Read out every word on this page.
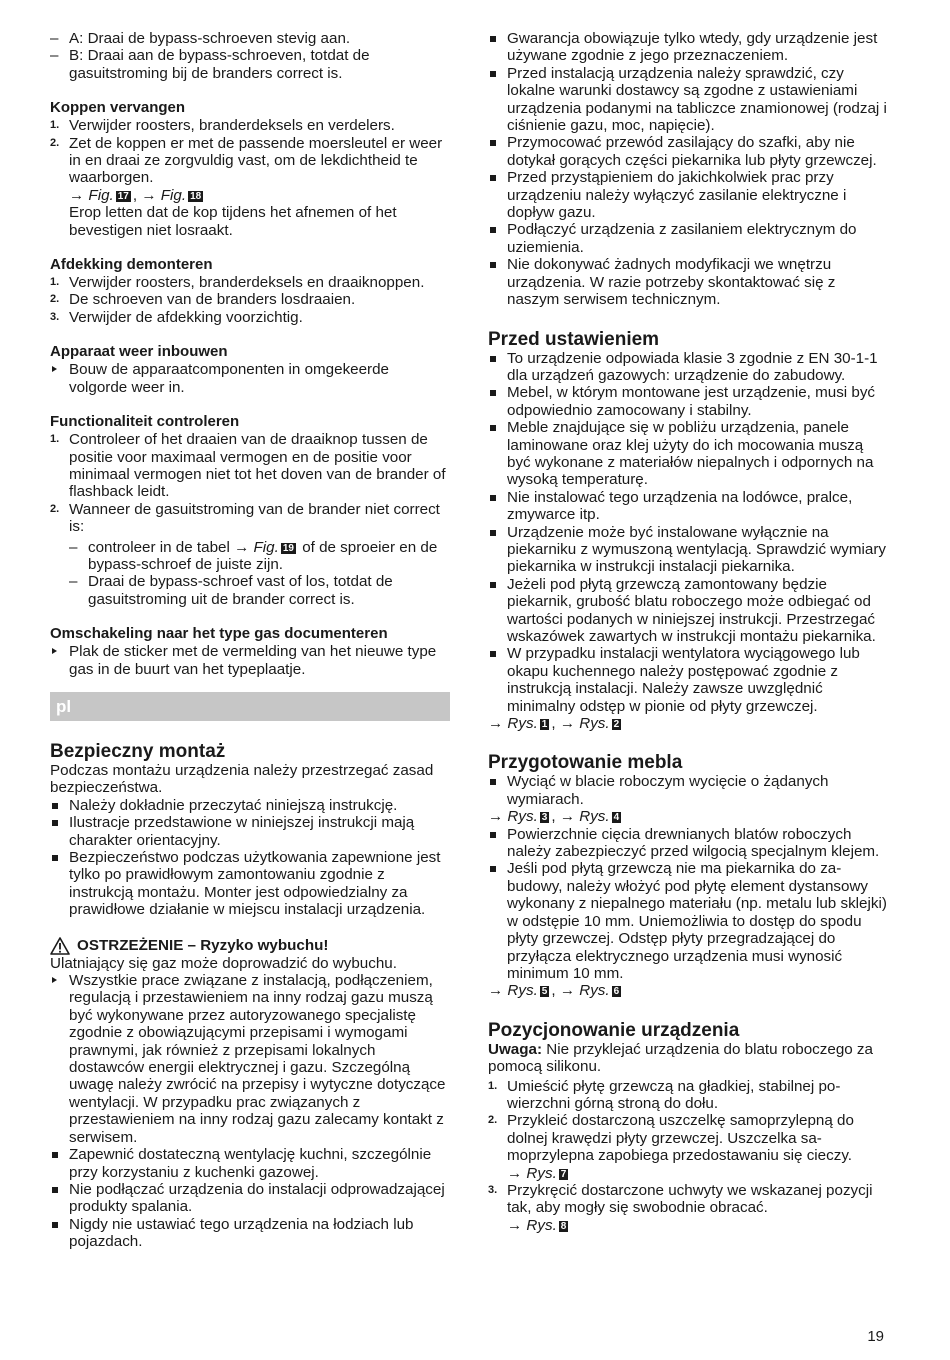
– A: Draai de bypass-schroeven stevig aan.
– B: Draai aan de bypass-schroeven, totdat de gasuitstroming bij de branders correct is.
Koppen vervangen
1. Verwijder roosters, branderdeksels en verdelers.
2. Zet de koppen er met de passende moersleutel er weer in en draai ze zorgvuldig vast, om de lekdichtheid te waarborgen.
→ Fig. 17 , → Fig. 18
Erop letten dat de kop tijdens het afnemen of het bevestigen niet losraakt.
Afdekking demonteren
1. Verwijder roosters, branderdeksels en draaiknoppen.
2. De schroeven van de branders losdraaien.
3. Verwijder de afdekking voorzichtig.
Apparaat weer inbouwen
Bouw de apparaatcomponenten in omgekeerde volgorde weer in.
Functionaliteit controleren
1. Controleer of het draaien van de draaiknop tussen de positie voor maximaal vermogen en de positie voor minimaal vermogen niet tot het doven van de brander of flashback leidt.
2. Wanneer de gasuitstroming van de brander niet correct is:
– controleer in de tabel → Fig. 19 of de sproeier en de bypass-schroef de juiste zijn.
– Draai de bypass-schroef vast of los, totdat de gasuitstroming uit de brander correct is.
Omschakeling naar het type gas documenteren
Plak de sticker met de vermelding van het nieuwe type gas in de buurt van het typeplaatje.
pl
Bezpieczny montaż

Podczas montażu urządzenia należy przestrzegać zasad bezpieczeństwa.

Należy dokładnie przeczytać niniejszą instrukcję.
Ilustracje przedstawione w niniejszej instrukcji mają charakter orientacyjny.
Bezpieczeństwo podczas użytkowania zapewnione jest tylko po prawidłowym zamontowaniu zgodnie z instrukcją montażu. Monter jest odpowiedzialny za prawidłowe działanie w miejscu instalacji urządzenia.
OSTRZEŻENIE – Ryzyko wybuchu!

Ulatniający się gaz może doprowadzić do wybuchu.

Wszystkie prace związane z instalacją, podłączeniem, regulacją i przestawieniem na inny rodzaj gazu muszą być wykonywane przez autoryzowanego specjalistę zgodnie z obowiązującymi przepisami i wymogami prawnymi, jak również z przepisami lokalnych dostawców energii elektrycznej i gazu. Szczególną uwagę należy zwrócić na przepisy i wytyczne dotyczące wentylacji. W przypadku prac związanych z przestawieniem na inny rodzaj gazu zalecamy kontakt z serwisem.
Zapewnić dostateczną wentylację kuchni, szczególnie przy korzystaniu z kuchenki gazowej.
Nie podłączać urządzenia do instalacji odprowadzającej produkty spalania.
Nigdy nie ustawiać tego urządzenia na łodziach lub pojazdach.
Gwarancja obowiązuje tylko wtedy, gdy urządzenie jest używane zgodnie z jego przeznaczeniem.
Przed instalacją urządzenia należy sprawdzić, czy lokalne warunki dostawcy są zgodne z ustawieniami urządzenia podanymi na tabliczce znamionowej (rodzaj i ciśnienie gazu, moc, napięcie).
Przymocować przewód zasilający do szafki, aby nie dotykał gorących części piekarnika lub płyty grzewczej.
Przed przystąpieniem do jakichkolwiek prac przy urządzeniu należy wyłączyć zasilanie elektryczne i dopływ gazu.
Podłączyć urządzenia z zasilaniem elektrycznym do uziemienia.
Nie dokonywać żadnych modyfikacji we wnętrzu urządzenia. W razie potrzeby skontaktować się z naszym serwisem technicznym.
Przed ustawieniem
To urządzenie odpowiada klasie 3 zgodnie z EN 30-1-1 dla urządzeń gazowych: urządzenie do zabudowy.
Mebel, w którym montowane jest urządzenie, musi być odpowiednio zamocowany i stabilny.
Meble znajdujące się w pobliżu urządzenia, panele laminowane oraz klej użyty do ich mocowania muszą być wykonane z materiałów niepalnych i odpornych na wysoką temperaturę.
Nie instalować tego urządzenia na lodówce, pralce, zmywarce itp.
Urządzenie może być instalowane wyłącznie na piekarniku z wymuszoną wentylacją. Sprawdzić wymiary piekarnika w instrukcji instalacji piekarnika.
Jeżeli pod płytą grzewczą zamontowany będzie piekarnik, grubość blatu roboczego może odbiegać od wartości podanych w niniejszej instrukcji. Przestrzegać wskazówek zawartych w instrukcji montażu piekarnika.
W przypadku instalacji wentylatora wyciągowego lub okapu kuchennego należy postępować zgodnie z instrukcją instalacji. Należy zawsze uwzględnić minimalny odstęp w pionie od płyty grzewczej.

→ Rys. 1 , → Rys. 2

Przygotowanie mebla
Wyciąć w blacie roboczym wycięcie o żądanych wymiarach.

→ Rys. 3 , → Rys. 4

Powierzchnie cięcia drewnianych blatów roboczych należy zabezpieczyć przed wilgocią specjalnym klejem.
Jeśli pod płytą grzewczą nie ma piekarnika do zabudowy, należy włożyć pod płytę element dystansowy wykonany z niepalnego materiału (np. metalu lub sklejki) w odstępie 10 mm. Uniemożliwia to dostęp do spodu płyty grzewczej. Odstęp płyty przegradzającej do przyłącza elektrycznego urządzenia musi wynosić minimum 10 mm.

→ Rys. 5 , → Rys. 6

Pozycjonowanie urządzenia

Uwaga: Nie przyklejać urządzenia do blatu roboczego za pomocą silikonu.

1. Umieścić płytę grzewczą na gładkiej, stabilnej powierzchni górną stroną do dołu.
2. Przykleić dostarczoną uszczelkę samoprzylepną do dolnej krawędzi płyty grzewczej. Uszczelka samoprzylepna zapobiega przedostawaniu się cieczy.
→ Rys. 7
3. Przykręcić dostarczone uchwyty we wskazanej pozycji tak, aby mogły się swobodnie obracać.
→ Rys. 8
19
